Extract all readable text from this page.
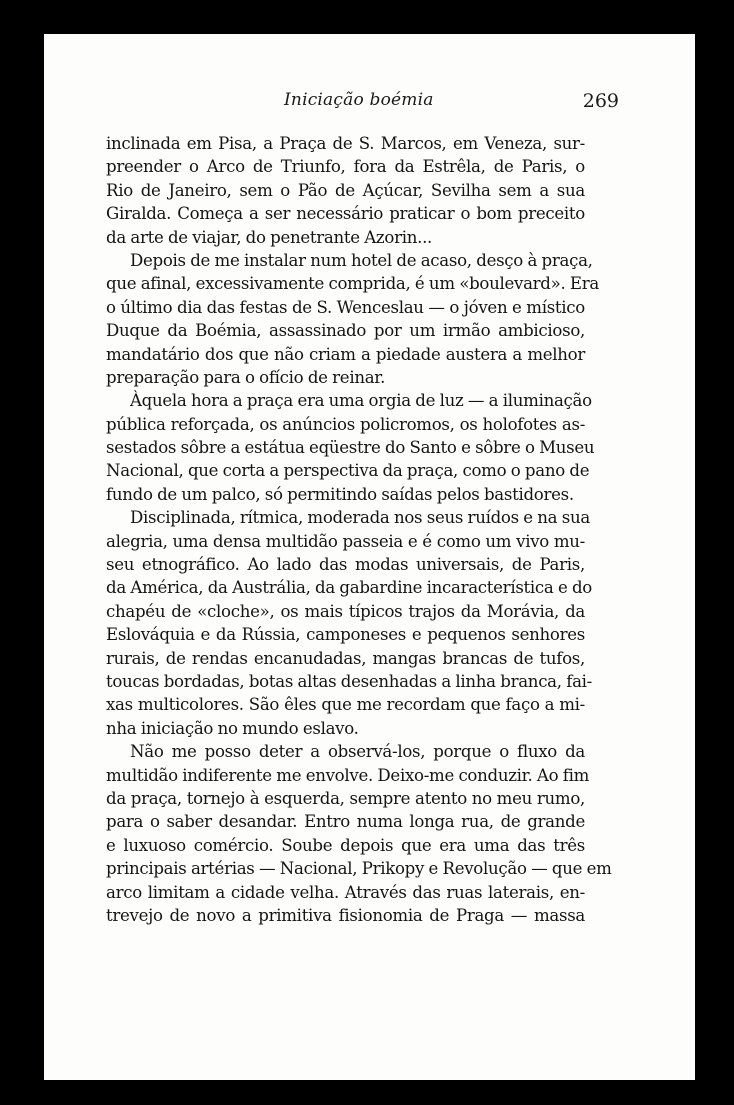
Iniciação boémia	269
inclinada em Pisa, a Praça de S. Marcos, em Veneza, sur-
preender o Arco de Triunfo, fora da Estrêla, de Paris, o
Rio de Janeiro, sem o Pão de Açúcar, Sevilha sem a sua
Giralda. Começa a ser necessário praticar o bom preceito
da arte de viajar, do penetrante Azorin...
Depois de me instalar num hotel de acaso, desço à praça,
que afinal, excessivamente comprida, é um «boulevard». Era
o último dia das festas de S. Wenceslau — o jóven e místico
Duque da Boémia, assassinado por um irmão ambicioso,
mandatário dos que não criam a piedade austera a melhor
preparação para o ofício de reinar.
Àquela hora a praça era uma orgia de luz — a iluminação
pública reforçada, os anúncios policromos, os holofotes as-
sestados sôbre a estátua eqüestre do Santo e sôbre o Museu
Nacional, que corta a perspectiva da praça, como o pano de
fundo de um palco, só permitindo saídas pelos bastidores.
Disciplinada, rítmica, moderada nos seus ruídos e na sua
alegria, uma densa multidão passeia e é como um vivo mu-
seu etnográfico. Ao lado das modas universais, de Paris,
da América, da Austrália, da gabardine incaracterística e do
chapéu de «cloche», os mais típicos trajos da Morávia, da
Eslováquia e da Rússia, camponeses e pequenos senhores
rurais, de rendas encanudadas, mangas brancas de tufos,
toucas bordadas, botas altas desenhadas a linha branca, fai-
xas multicolores. São êles que me recordam que faço a mi-
nha iniciação no mundo eslavo.
Não me posso deter a observá-los, porque o fluxo da
multidão indiferente me envolve. Deixo-me conduzir. Ao fim
da praça, tornejo à esquerda, sempre atento no meu rumo,
para o saber desandar. Entro numa longa rua, de grande
e luxuoso comércio. Soube depois que era uma das três
principais artérias — Nacional, Prikopy e Revolução — que em
arco limitam a cidade velha. Através das ruas laterais, en-
trevejo de novo a primitiva fisionomia de Praga — massa
